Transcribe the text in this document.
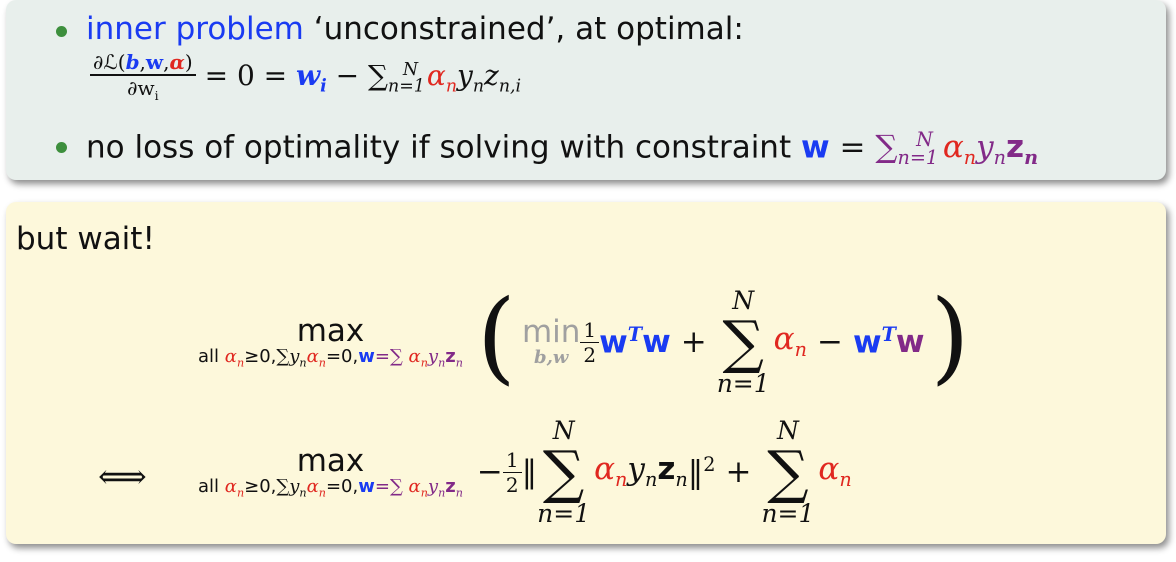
inner problem ‘unconstrained’, at optimal:
$\frac{\text{∂ℒ(b,w,α)}}{\partial w_i} = 0 = w_i - \sum_{n=1}^N$ $\alpha_ny_nz_{n,i}$
no loss of optimality if solving with constraint $w = \sum_{n=1}^N$ $\alpha_ny_nz_n$
but wait!
max
all $\alpha_n\ge 0,\sum y_n\alpha_n=0,w=\sum$ $\alpha_ny_nz_n$ ( min
$b,w \frac{1}{2} w^T$ w +
N
∑
n=1
$\alpha_n - w^T$ w )
⟺	max
all $\alpha_n\ge 0,\sum y_n\alpha_n=0,w=\sum$ $\alpha_ny_nz_n$
− $\frac{1}{2}$ ‖
N
∑
n=1
$\alpha_n$ $y_n$ $z_n$ ‖$^2$ +
N
∑
n=1
$\alpha_n$
